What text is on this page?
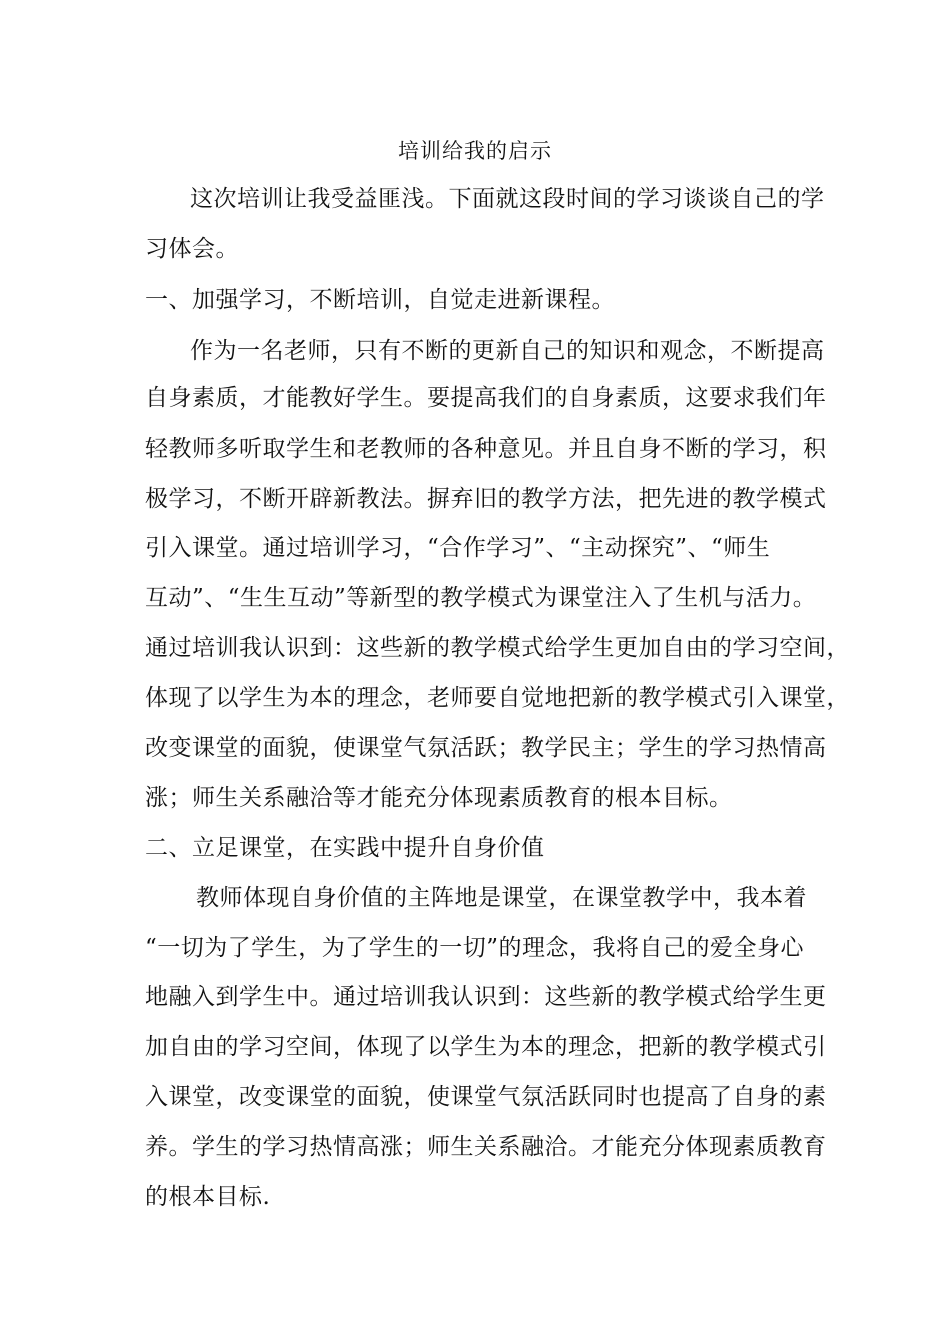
培训给我的启示
这次培训让我受益匪浅。下面就这段时间的学习谈谈自己的学
习体会。
一、加强学习，不断培训，自觉走进新课程。
作为一名老师，只有不断的更新自己的知识和观念，不断提高
自身素质，才能教好学生。要提高我们的自身素质，这要求我们年
轻教师多听取学生和老教师的各种意见。并且自身不断的学习，积
极学习，不断开辟新教法。摒弃旧的教学方法，把先进的教学模式
引入课堂。通过培训学习，“合作学习”、“主动探究”、“师生
互动”、“生生互动”等新型的教学模式为课堂注入了生机与活力。
通过培训我认识到：这些新的教学模式给学生更加自由的学习空间，
体现了以学生为本的理念，老师要自觉地把新的教学模式引入课堂，
改变课堂的面貌，使课堂气氛活跃；教学民主；学生的学习热情高
涨；师生关系融洽等才能充分体现素质教育的根本目标。
二、立足课堂，在实践中提升自身价值
教师体现自身价值的主阵地是课堂，在课堂教学中，我本着
“一切为了学生，为了学生的一切”的理念，我将自己的爱全身心
地融入到学生中。通过培训我认识到：这些新的教学模式给学生更
加自由的学习空间，体现了以学生为本的理念，把新的教学模式引
入课堂，改变课堂的面貌，使课堂气氛活跃同时也提高了自身的素
养。学生的学习热情高涨；师生关系融洽。才能充分体现素质教育
的根本目标.
